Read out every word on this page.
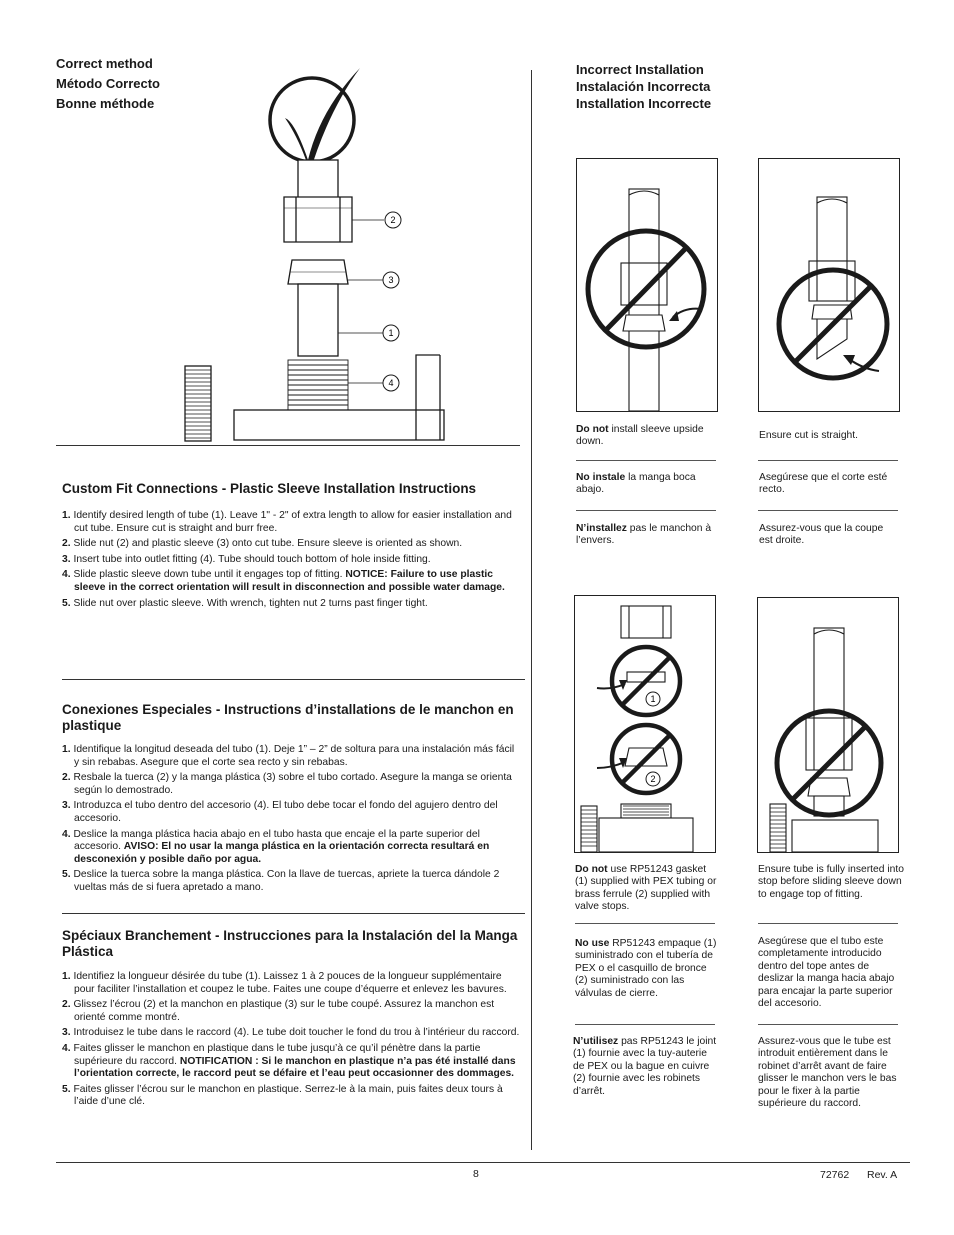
Correct method
Método Correcto
Bonne méthode
2
3
1
4
Custom Fit Connections - Plastic Sleeve Installation Instructions
1. Identify desired length of tube (1). Leave 1" - 2" of extra length to allow for easier installation and cut tube. Ensure cut is straight and burr free.
2. Slide nut (2) and plastic sleeve (3) onto cut tube. Ensure sleeve is oriented as shown.
3. Insert tube into outlet fitting (4). Tube should touch bottom of hole inside fitting.
4. Slide plastic sleeve down tube until it engages top of fitting. NOTICE: Failure to use plastic sleeve in the correct orientation will result in disconnection and possible water damage.
5. Slide nut over plastic sleeve. With wrench, tighten nut 2 turns past finger tight.
Conexiones Especiales - Instructions d’installations de le manchon en plastique
1. Identifique la longitud deseada del tubo (1). Deje 1” – 2” de soltura para una instalación más fácil y sin rebabas. Asegure que el corte sea recto y sin rebabas.
2. Resbale la tuerca (2) y la manga plástica (3) sobre el tubo cortado. Asegure la manga se orienta según lo demostrado.
3. Introduzca el tubo dentro del accesorio (4). El tubo debe tocar el fondo del agujero dentro del accesorio.
4. Deslice la manga plástica hacia abajo en el tubo hasta que encaje el la parte superior del accesorio. AVISO: El no usar la manga plástica en la orientación correcta resultará en desconexión y posible daño por agua.
5. Deslice la tuerca sobre la manga plástica. Con la llave de tuercas, apriete la tuerca dándole 2 vueltas más de si fuera apretado a mano.
Spéciaux Branchement - Instrucciones para la Instalación del la Manga Plástica
1. Identifiez la longueur désirée du tube (1). Laissez 1 à 2 pouces de la longueur supplémentaire pour faciliter l’installation et coupez le tube. Faites une coupe d’équerre et enlevez les bavures.
2. Glissez l’écrou (2) et la manchon en plastique (3) sur le tube coupé. Assurez la manchon est orienté comme montré.
3. Introduisez le tube dans le raccord (4). Le tube doit toucher le fond du trou à l’intérieur du raccord.
4. Faites glisser le manchon en plastique dans le tube jusqu’à ce qu’il pénètre dans la partie supérieure du raccord. NOTIFICATION : Si le manchon en plastique n’a pas été installé dans l’orientation correcte, le raccord peut se défaire et l’eau peut occasionner des dommages.
5. Faites glisser l’écrou sur le manchon en plastique. Serrez-le à la main, puis faites deux tours à l’aide d’une clé.
Incorrect Installation
Instalación Incorrecta
Installation Incorrecte
Do not install sleeve upside down.
Ensure cut is straight.
No instale la manga boca abajo.
Asegúrese que el corte esté recto.
N’installez pas le manchon à l’envers.
Assurez-vous que la coupe est droite.
1
2
Do not use RP51243 gasket (1) supplied with PEX tubing or brass ferrule (2) supplied with valve stops.
Ensure tube is fully inserted into stop before sliding sleeve down to engage top of fitting.
No use RP51243 empaque (1) suministrado con el tubería de PEX o el casquillo de bronce (2) suministrado con las válvulas de cierre.
Asegúrese que el tubo este completamente introducido dentro del tope antes de deslizar la manga hacia abajo para encajar la parte superior del accesorio.
N’utilisez pas RP51243 le joint (1) fournie avec la tuy-auterie de PEX ou la bague en cuivre (2) fournie avec les robinets d’arrêt.
Assurez-vous que le tube est introduit entièrement dans le robinet d’arrêt avant de faire glisser le manchon vers le bas pour le fixer à la partie supérieure du raccord.
8	72762 Rev. A
